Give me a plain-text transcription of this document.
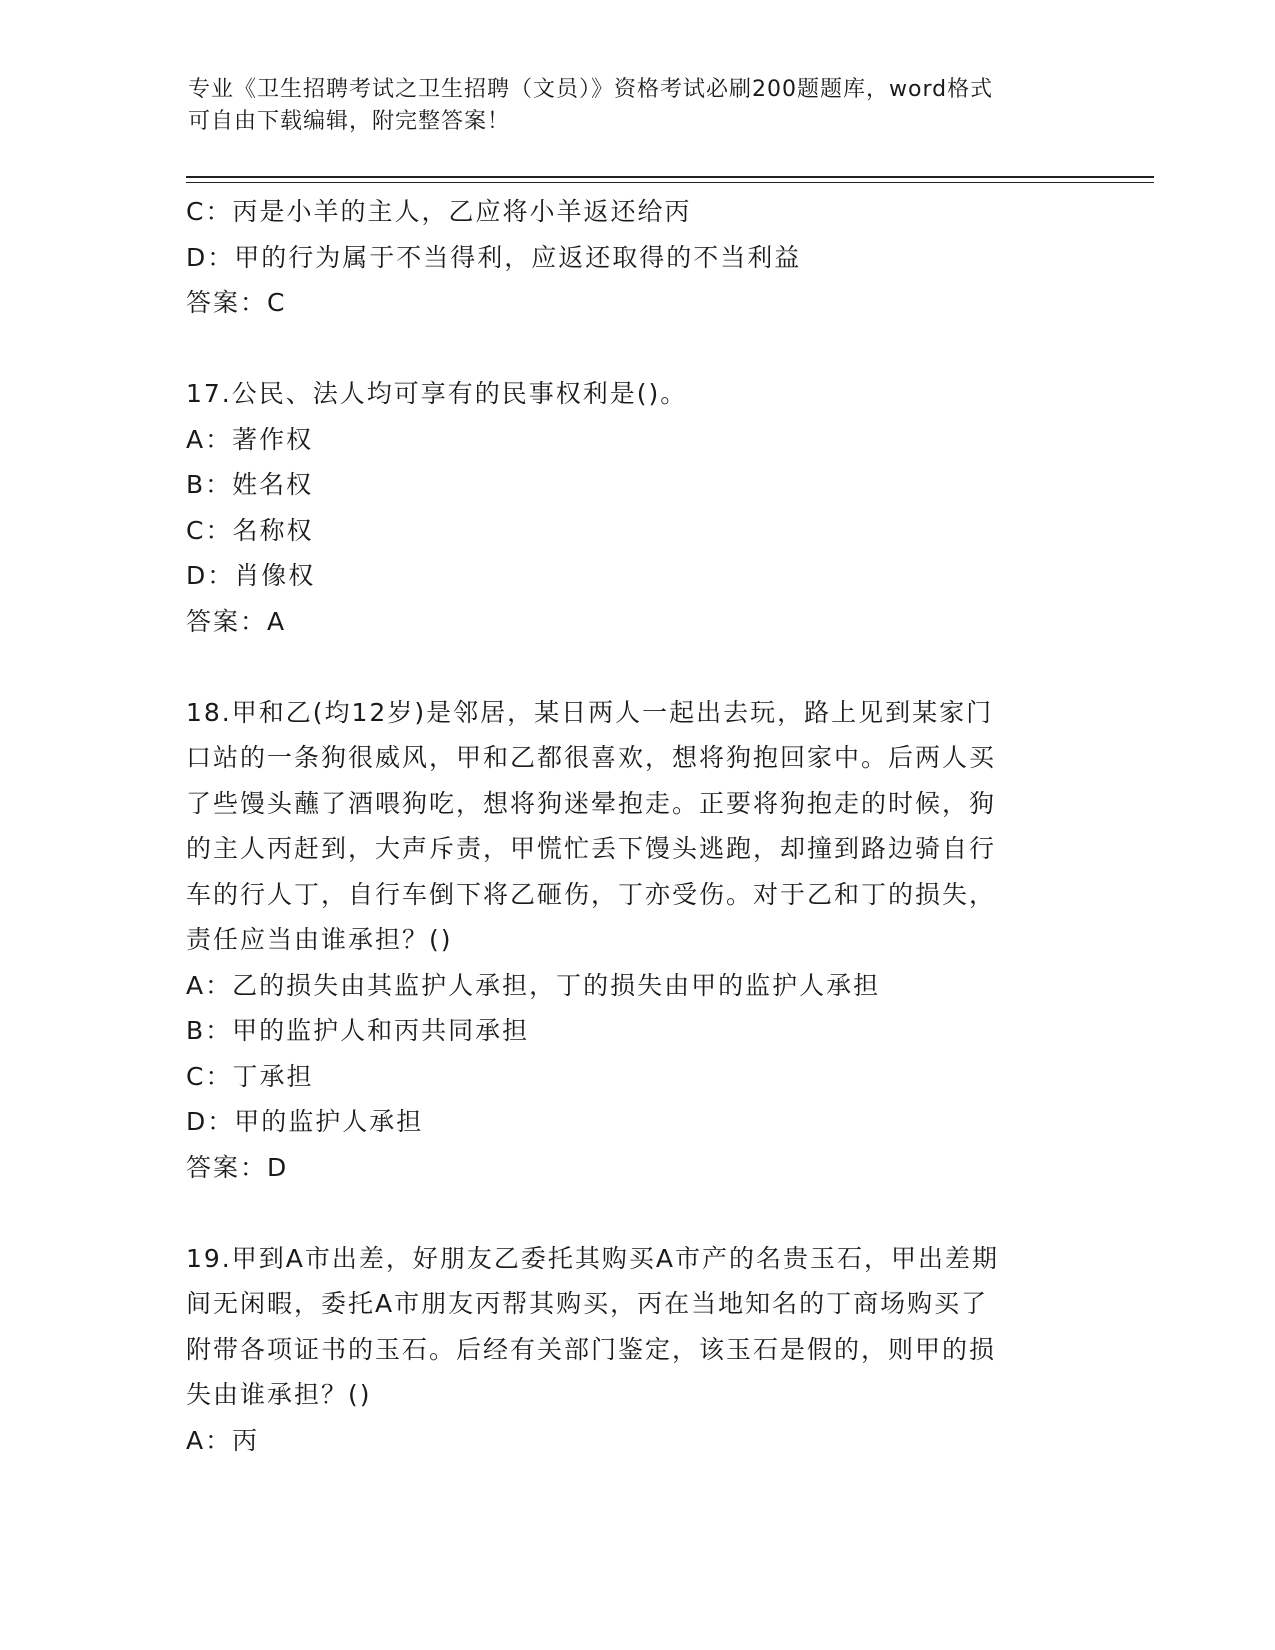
专业《卫生招聘考试之卫生招聘（文员）》资格考试必刷200题题库，word格式
可自由下载编辑，附完整答案！
C：丙是小羊的主人，乙应将小羊返还给丙
D：甲的行为属于不当得利，应返还取得的不当利益
答案：C
17.公民、法人均可享有的民事权利是()。
A：著作权
B：姓名权
C：名称权
D：肖像权
答案：A
18.甲和乙(均12岁)是邻居，某日两人一起出去玩，路上见到某家门
口站的一条狗很威风，甲和乙都很喜欢，想将狗抱回家中。后两人买
了些馒头蘸了酒喂狗吃，想将狗迷晕抱走。正要将狗抱走的时候，狗
的主人丙赶到，大声斥责，甲慌忙丢下馒头逃跑，却撞到路边骑自行
车的行人丁，自行车倒下将乙砸伤，丁亦受伤。对于乙和丁的损失，
责任应当由谁承担？()
A：乙的损失由其监护人承担，丁的损失由甲的监护人承担
B：甲的监护人和丙共同承担
C：丁承担
D：甲的监护人承担
答案：D
19.甲到A市出差，好朋友乙委托其购买A市产的名贵玉石，甲出差期
间无闲暇，委托A市朋友丙帮其购买，丙在当地知名的丁商场购买了
附带各项证书的玉石。后经有关部门鉴定，该玉石是假的，则甲的损
失由谁承担？()
A：丙
